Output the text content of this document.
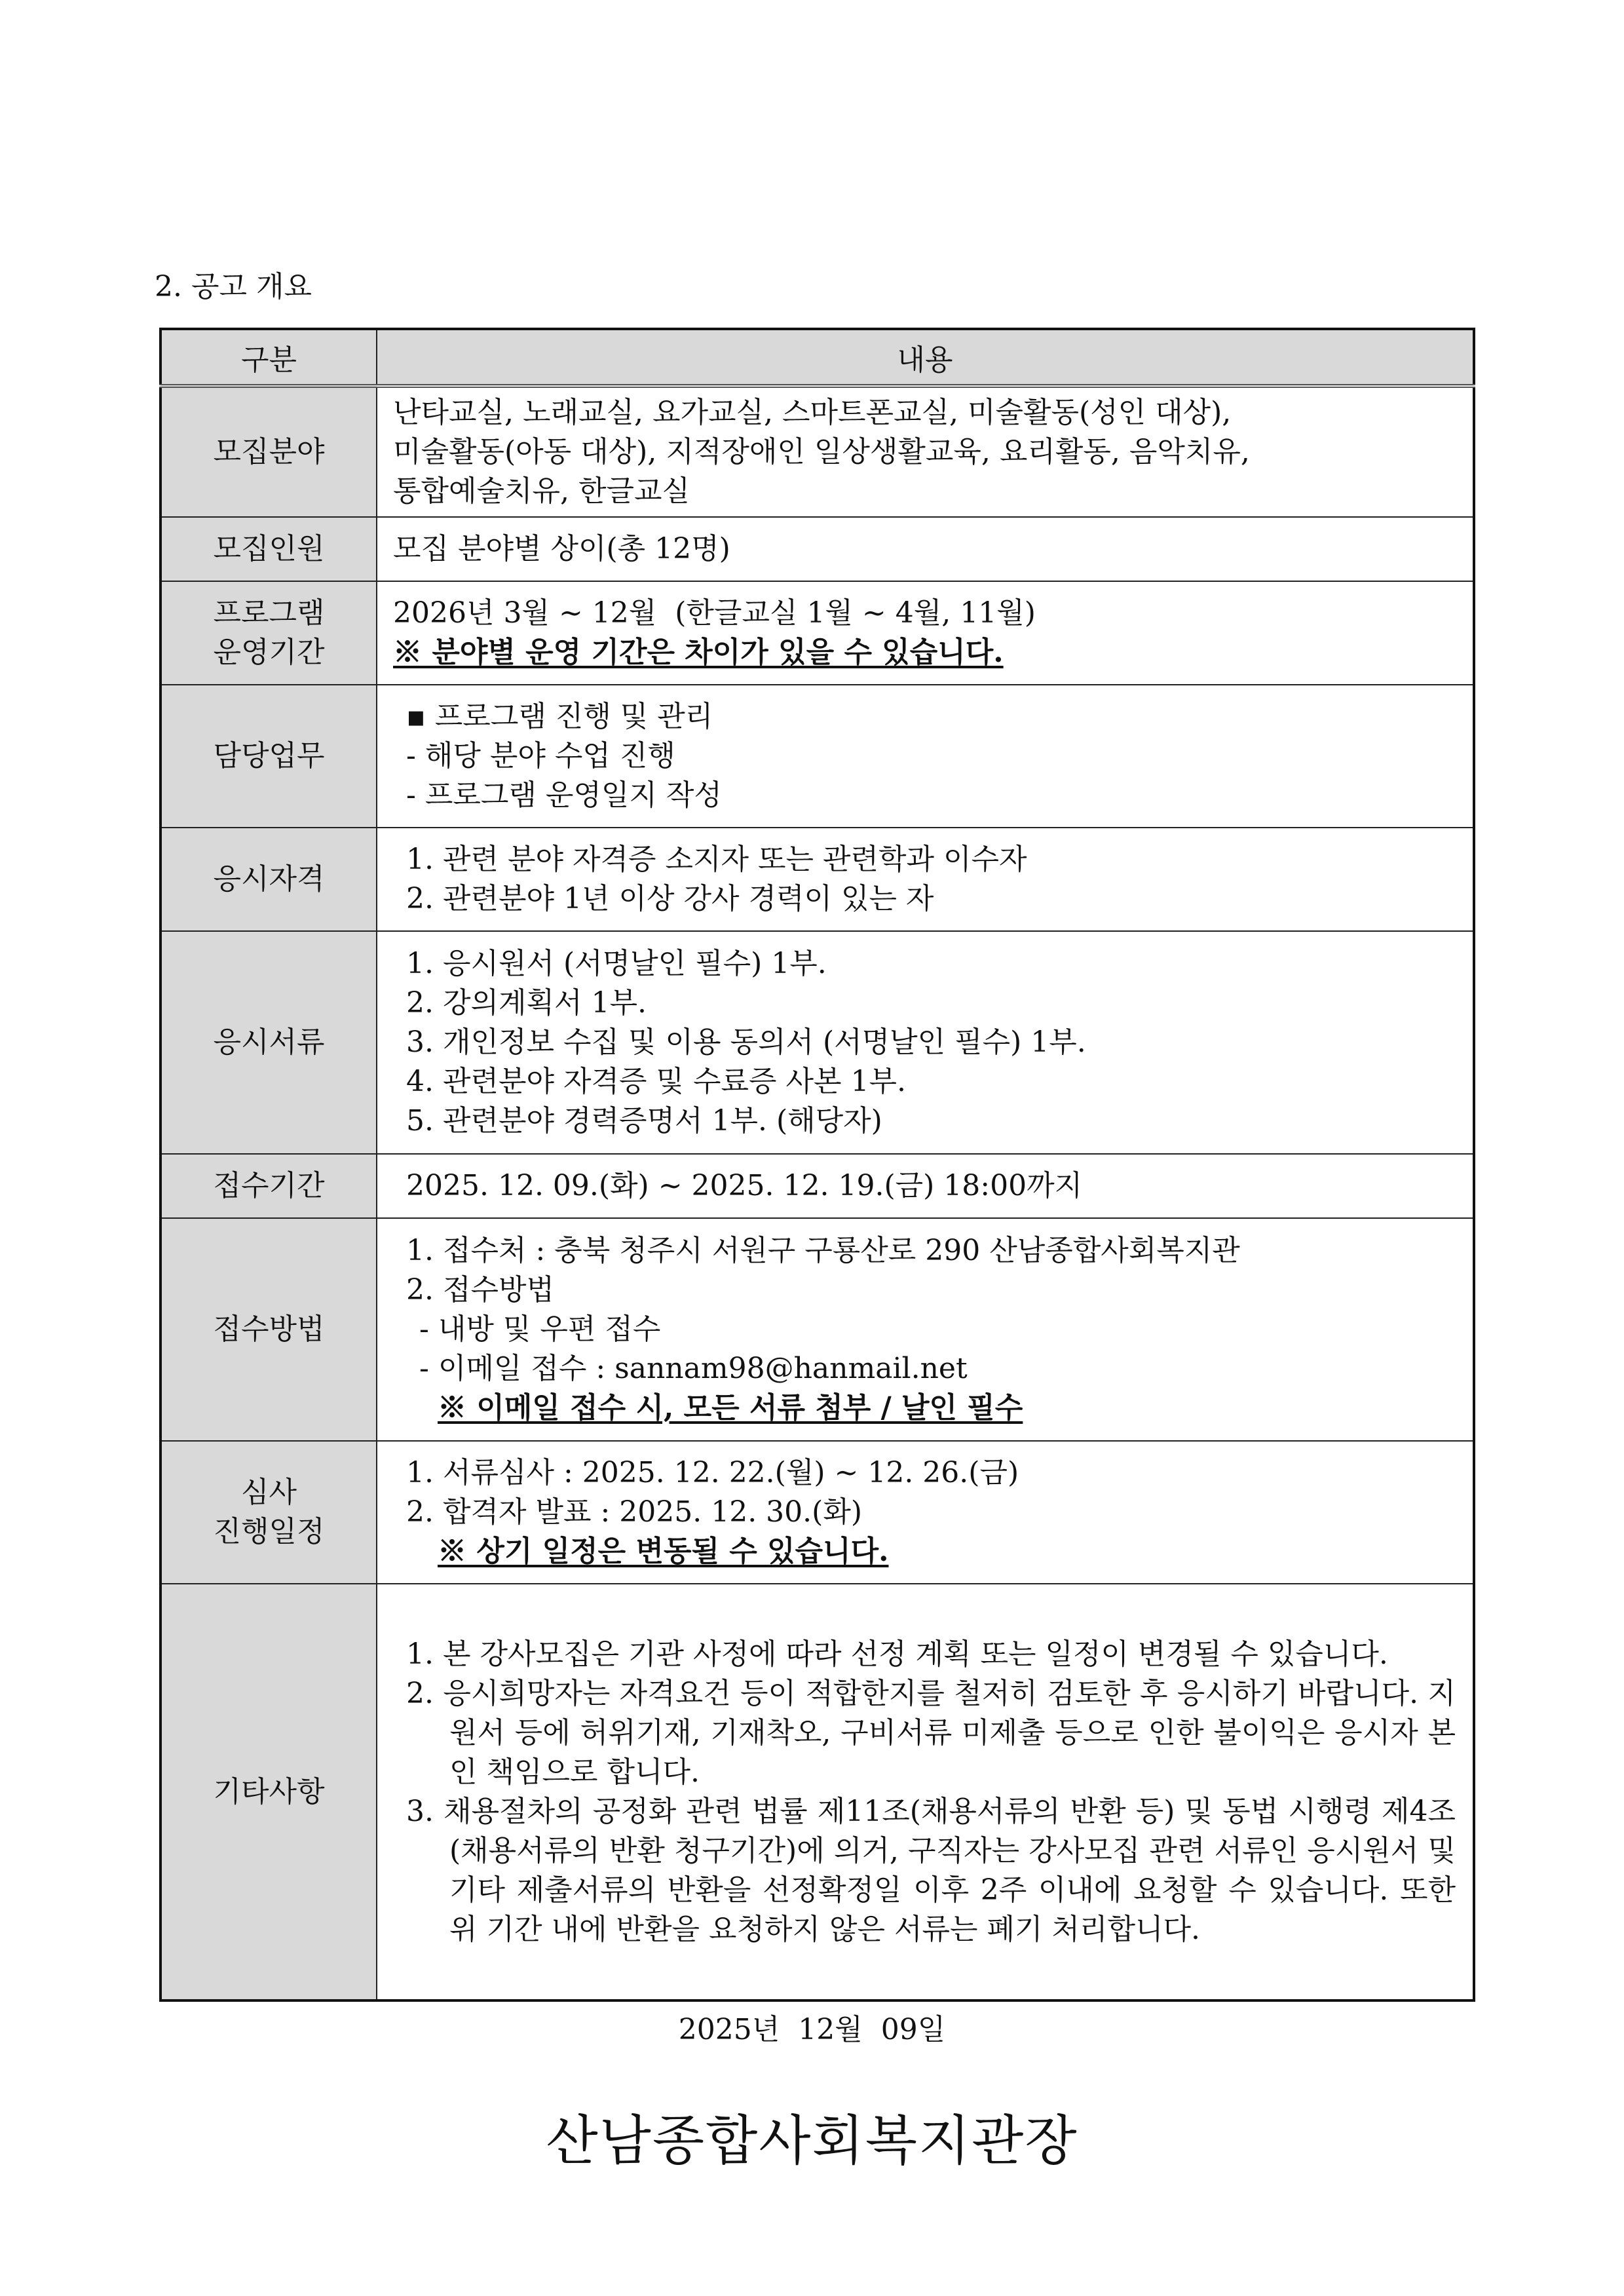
2. 공고 개요
구분	내용

모집분야	난타교실, 노래교실, 요가교실, 스마트폰교실, 미술활동(성인 대상),
미술활동(아동 대상), 지적장애인 일상생활교육, 요리활동, 음악치유,
통합예술치유, 한글교실

모집인원	모집 분야별 상이(총 12명)

프로그램
운영기간	2026년 3월 ~ 12월  (한글교실 1월 ~ 4월, 11월)
※ 분야별 운영 기간은 차이가 있을 수 있습니다.

담당업무	▪ 프로그램 진행 및 관리
- 해당 분야 수업 진행
- 프로그램 운영일지 작성

응시자격	1. 관련 분야 자격증 소지자 또는 관련학과 이수자
2. 관련분야 1년 이상 강사 경력이 있는 자

응시서류	1. 응시원서 (서명날인 필수) 1부.
2. 강의계획서 1부.
3. 개인정보 수집 및 이용 동의서 (서명날인 필수) 1부.
4. 관련분야 자격증 및 수료증 사본 1부.
5. 관련분야 경력증명서 1부. (해당자)

접수기간	2025. 12. 09.(화) ~ 2025. 12. 19.(금) 18:00까지

접수방법	1. 접수처 : 충북 청주시 서원구 구룡산로 290 산남종합사회복지관
2. 접수방법
- 내방 및 우편 접수
- 이메일 접수 : sannam98@hanmail.net
※ 이메일 접수 시, 모든 서류 첨부 / 날인 필수

심사
진행일정	1. 서류심사 : 2025. 12. 22.(월) ~ 12. 26.(금)
2. 합격자 발표 : 2025. 12. 30.(화)
※ 상기 일정은 변동될 수 있습니다.

기타사항	1. 본 강사모집은 기관 사정에 따라 선정 계획 또는 일정이 변경될 수 있습니다.
2. 응시희망자는 자격요건 등이 적합한지를 철저히 검토한 후 응시하기 바랍니다. 지원서 등에 허위기재, 기재착오, 구비서류 미제출 등으로 인한 불이익은 응시자 본인 책임으로 합니다.
3. 채용절차의 공정화 관련 법률 제11조(채용서류의 반환 등) 및 동법 시행령 제4조(채용서류의 반환 청구기간)에 의거, 구직자는 강사모집 관련 서류인 응시원서 및 기타 제출서류의 반환을 선정확정일 이후 2주 이내에 요청할 수 있습니다. 또한 위 기간 내에 반환을 요청하지 않은 서류는 폐기 처리합니다.
2025년  12월  09일
산남종합사회복지관장
